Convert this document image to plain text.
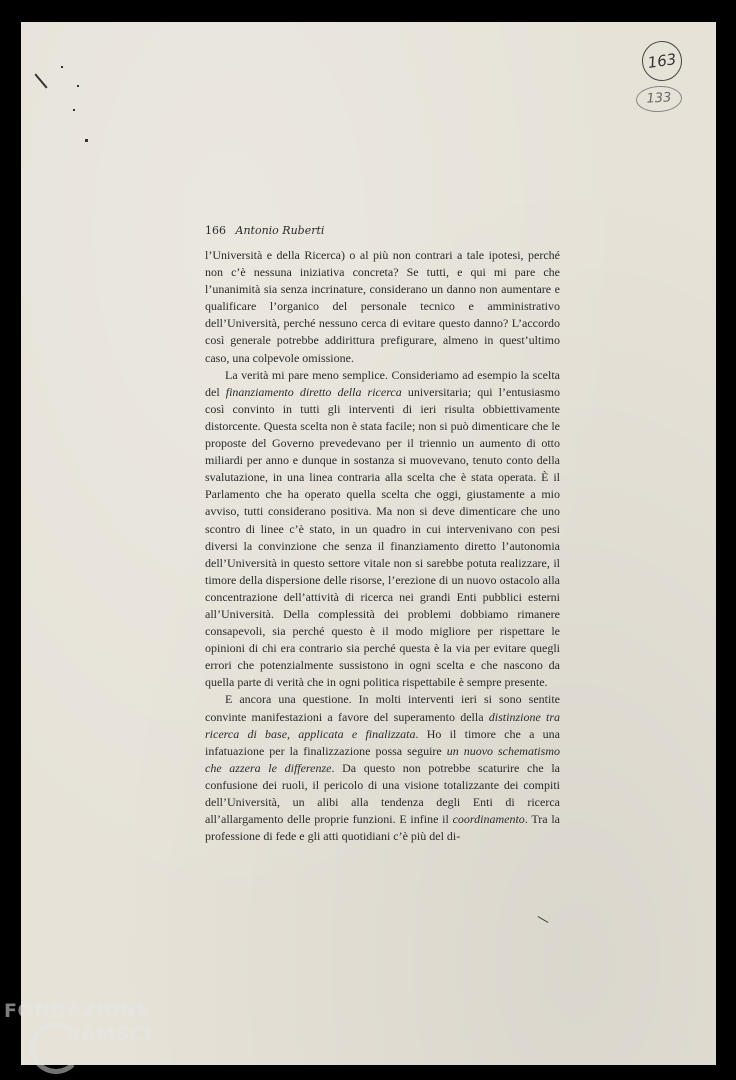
163
133
166 Antonio Ruberti

l’Università e della Ricerca) o al più non contrari a tale ipotesi, perché non c’è nessuna iniziativa concreta? Se tutti, e qui mi pare che l’unanimità sia senza incrinature, considerano un danno non aumentare e qualificare l’organico del personale tecnico e amministrativo dell’Università, perché nessuno cerca di evitare questo danno? L’accordo così generale potrebbe addirittura prefigurare, almeno in quest’ultimo caso, una colpevole omissione.

La verità mi pare meno semplice. Consideriamo ad esempio la scelta del finanziamento diretto della ricerca universitaria; qui l’entusiasmo così convinto in tutti gli interventi di ieri risulta obbiettivamente distorcente. Questa scelta non è stata facile; non si può dimenticare che le proposte del Governo prevedevano per il triennio un aumento di otto miliardi per anno e dunque in sostanza si muovevano, tenuto conto della svalutazione, in una linea contraria alla scelta che è stata operata. È il Parlamento che ha operato quella scelta che oggi, giustamente a mio avviso, tutti considerano positiva. Ma non si deve dimenticare che uno scontro di linee c’è stato, in un quadro in cui intervenivano con pesi diversi la convinzione che senza il finanziamento diretto l’autonomia dell’Università in questo settore vitale non si sarebbe potuta realizzare, il timore della dispersione delle risorse, l’erezione di un nuovo ostacolo alla concentrazione dell’attività di ricerca nei grandi Enti pubblici esterni all’Università. Della complessità dei problemi dobbiamo rimanere consapevoli, sia perché questo è il modo migliore per rispettare le opinioni di chi era contrario sia perché questa è la via per evitare quegli errori che potenzialmente sussistono in ogni scelta e che nascono da quella parte di verità che in ogni politica rispettabile è sempre presente.

E ancora una questione. In molti interventi ieri si sono sentite convinte manifestazioni a favore del superamento della distinzione tra ricerca di base, applicata e finalizzata. Ho il timore che a una infatuazione per la finalizzazione possa seguire un nuovo schematismo che azzera le differenze. Da questo non potrebbe scaturire che la confusione dei ruoli, il pericolo di una visione totalizzante dei compiti dell’Università, un alibi alla tendenza degli Enti di ricerca all’allargamento delle proprie funzioni. E infine il coordinamento. Tra la professione di fede e gli atti quotidiani c’è più del di-

FONDAZIONE
RAMSCI
onlus
